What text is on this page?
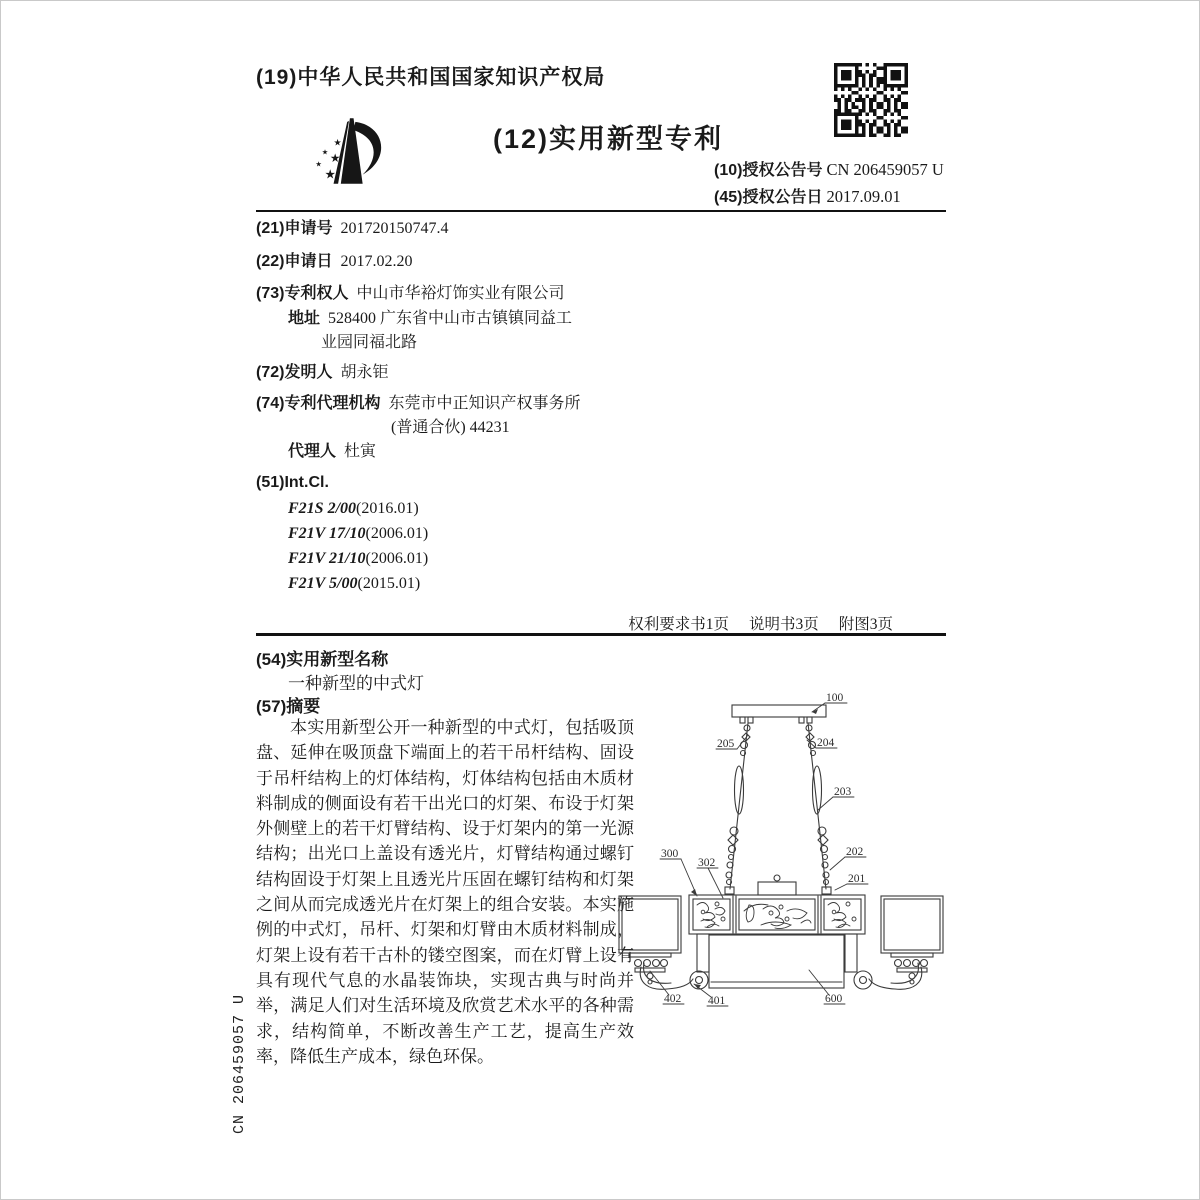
(19)中华人民共和国国家知识产权局
★
★ ★
★
★
(12)实用新型专利
(10)授权公告号 CN 206459057 U
(45)授权公告日 2017.09.01
(21)申请号 201720150747.4
(22)申请日 2017.02.20
(73)专利权人 中山市华裕灯饰实业有限公司
地址 528400 广东省中山市古镇镇同益工
业园同福北路
(72)发明人 胡永钜
(74)专利代理机构 东莞市中正知识产权事务所
(普通合伙) 44231
代理人 杜寅
(51)Int.Cl.
F21S 2/00(2016.01)
F21V 17/10(2006.01)
F21V 21/10(2006.01)
F21V 5/00(2015.01)
权利要求书1页 说明书3页 附图3页
(54)实用新型名称
一种新型的中式灯
(57)摘要

本实用新型公开一种新型的中式灯，包括吸顶盘、延伸在吸顶盘下端面上的若干吊杆结构、固设于吊杆结构上的灯体结构，灯体结构包括由木质材料制成的侧面设有若干出光口的灯架、布设于灯架外侧壁上的若干灯臂结构、设于灯架内的第一光源结构；出光口上盖设有透光片，灯臂结构通过螺钉结构固设于灯架上且透光片压固在螺钉结构和灯架之间从而完成透光片在灯架上的组合安装。本实施例的中式灯，吊杆、灯架和灯臂由木质材料制成，灯架上设有若干古朴的镂空图案，而在灯臂上设有具有现代气息的水晶装饰块，实现古典与时尚并举，满足人们对生活环境及欣赏艺术水平的各种需求，结构简单，不断改善生产工艺，提高生产效率，降低生产成本，绿色环保。

100
205	204
203
202
201
300
302
402 401	600
CN 206459057 U
